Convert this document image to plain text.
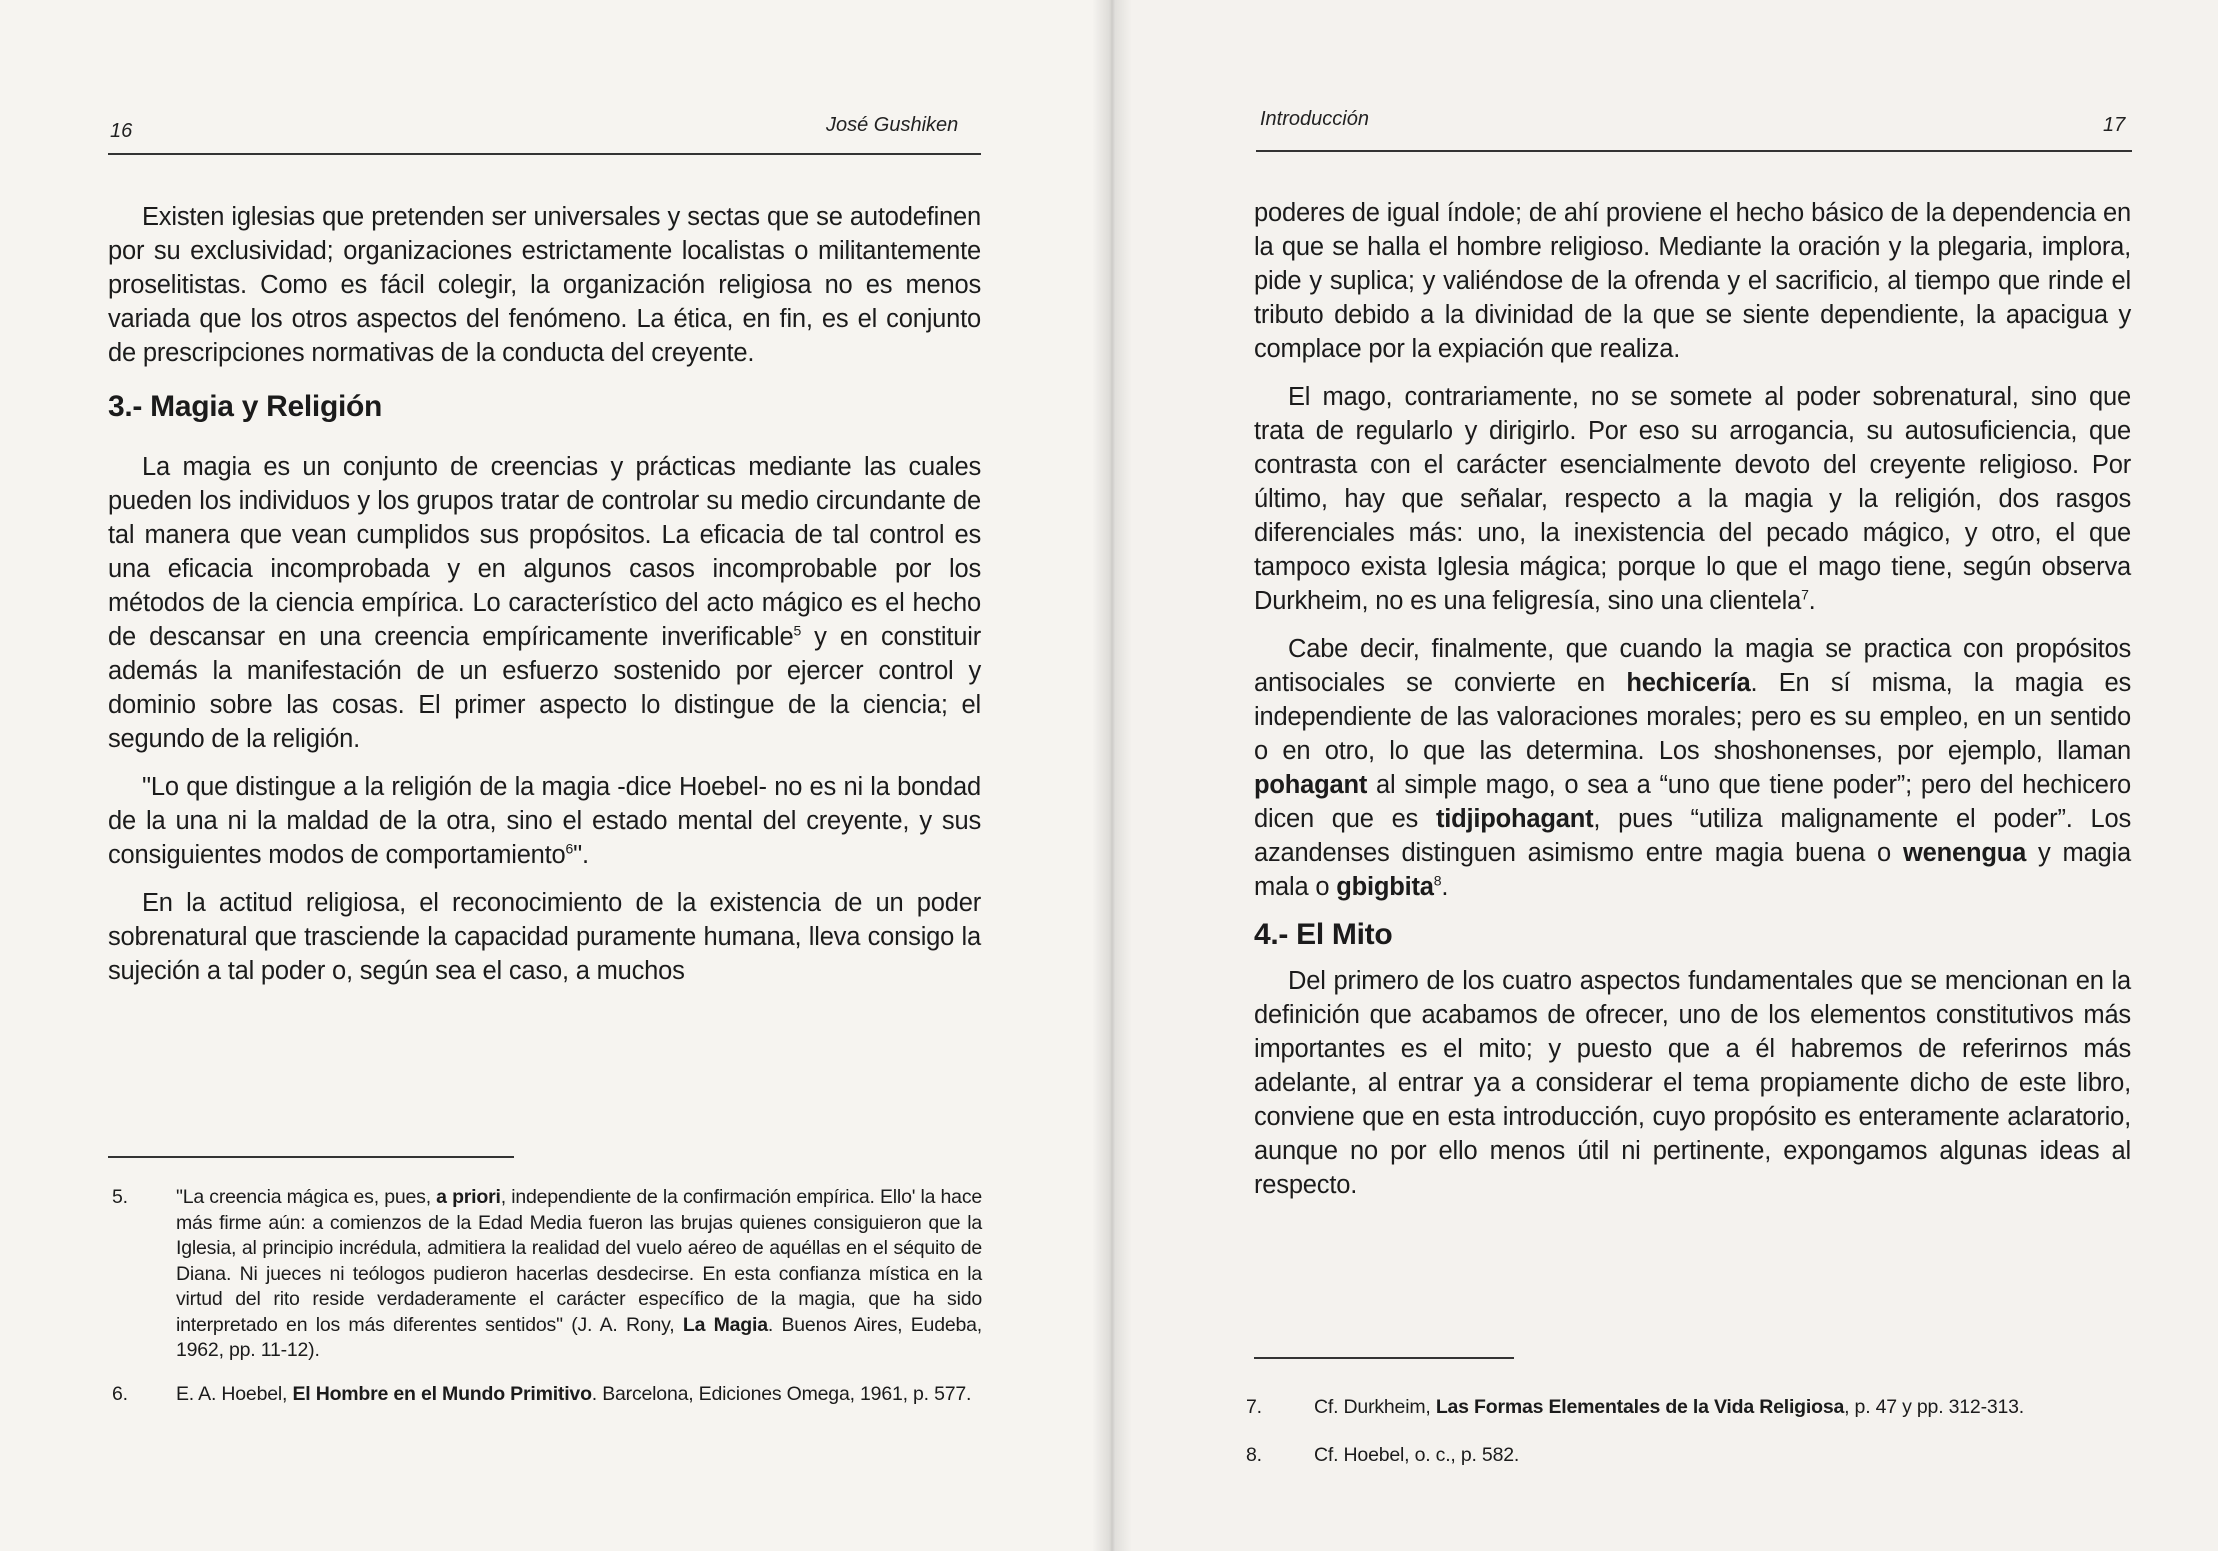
16	José Gushiken

Existen iglesias que pretenden ser universales y sectas que se autodefinen por su exclusividad; organizaciones estrictamente localistas o militantemente proselitistas. Como es fácil colegir, la organización religiosa no es menos variada que los otros aspectos del fenómeno. La ética, en fin, es el conjunto de prescripciones normativas de la conducta del creyente.

3.- Magia y Religión

La magia es un conjunto de creencias y prácticas mediante las cuales pueden los individuos y los grupos tratar de controlar su medio circundante de tal manera que vean cumplidos sus propósitos. La eficacia de tal control es una eficacia incomprobada y en algunos casos incomprobable por los métodos de la ciencia empírica. Lo característico del acto mágico es el hecho de descansar en una creencia empíricamente inverificable$^5$ y en constituir además la manifestación de un esfuerzo sostenido por ejercer control y dominio sobre las cosas. El primer aspecto lo distingue de la ciencia; el segundo de la religión.

"Lo que distingue a la religión de la magia -dice Hoebel- no es ni la bondad de la una ni la maldad de la otra, sino el estado mental del creyente, y sus consiguientes modos de comportamiento$^6$".

En la actitud religiosa, el reconocimiento de la existencia de un poder sobrenatural que trasciende la capacidad puramente humana, lleva consigo la sujeción a tal poder o, según sea el caso, a muchos

5.	"La creencia mágica es, pues, a priori, independiente de la confirmación empírica. Ello' la hace más firme aún: a comienzos de la Edad Media fueron las brujas quienes consiguieron que la Iglesia, al principio incrédula, admitiera la realidad del vuelo aéreo de aquéllas en el séquito de Diana. Ni jueces ni teólogos pudieron hacerlas desdecirse. En esta confianza mística en la virtud del rito reside verdaderamente el carácter específico de la magia, que ha sido interpretado en los más diferentes sentidos" (J. A. Rony, La Magia. Buenos Aires, Eudeba, 1962, pp. 11-12).
6.	E. A. Hoebel, El Hombre en el Mundo Primitivo. Barcelona, Ediciones Omega, 1961, p. 577.
Introducción	17

poderes de igual índole; de ahí proviene el hecho básico de la dependencia en la que se halla el hombre religioso. Mediante la oración y la plegaria, implora, pide y suplica; y valiéndose de la ofrenda y el sacrificio, al tiempo que rinde el tributo debido a la divinidad de la que se siente dependiente, la apacigua y complace por la expiación que realiza.

El mago, contrariamente, no se somete al poder sobrenatural, sino que trata de regularlo y dirigirlo. Por eso su arrogancia, su autosuficiencia, que contrasta con el carácter esencialmente devoto del creyente religioso. Por último, hay que señalar, respecto a la magia y la religión, dos rasgos diferenciales más: uno, la inexistencia del pecado mágico, y otro, el que tampoco exista Iglesia mágica; porque lo que el mago tiene, según observa Durkheim, no es una feligresía, sino una clientela$^7$.

Cabe decir, finalmente, que cuando la magia se practica con propósitos antisociales se convierte en hechicería. En sí misma, la magia es independiente de las valoraciones morales; pero es su empleo, en un sentido o en otro, lo que las determina. Los shoshonenses, por ejemplo, llaman pohagant al simple mago, o sea a “uno que tiene poder”; pero del hechicero dicen que es tidjipohagant, pues “utiliza malignamente el poder”. Los azandenses distinguen asimismo entre magia buena o wenengua y magia mala o gbigbita$^8$.

4.- El Mito

Del primero de los cuatro aspectos fundamentales que se mencionan en la definición que acabamos de ofrecer, uno de los elementos constitutivos más importantes es el mito; y puesto que a él habremos de referirnos más adelante, al entrar ya a considerar el tema propiamente dicho de este libro, conviene que en esta introducción, cuyo propósito es enteramente aclaratorio, aunque no por ello menos útil ni pertinente, expongamos algunas ideas al respecto.

7.	Cf. Durkheim, Las Formas Elementales de la Vida Religiosa, p. 47 y pp. 312-313.
8.	Cf. Hoebel, o. c., p. 582.
